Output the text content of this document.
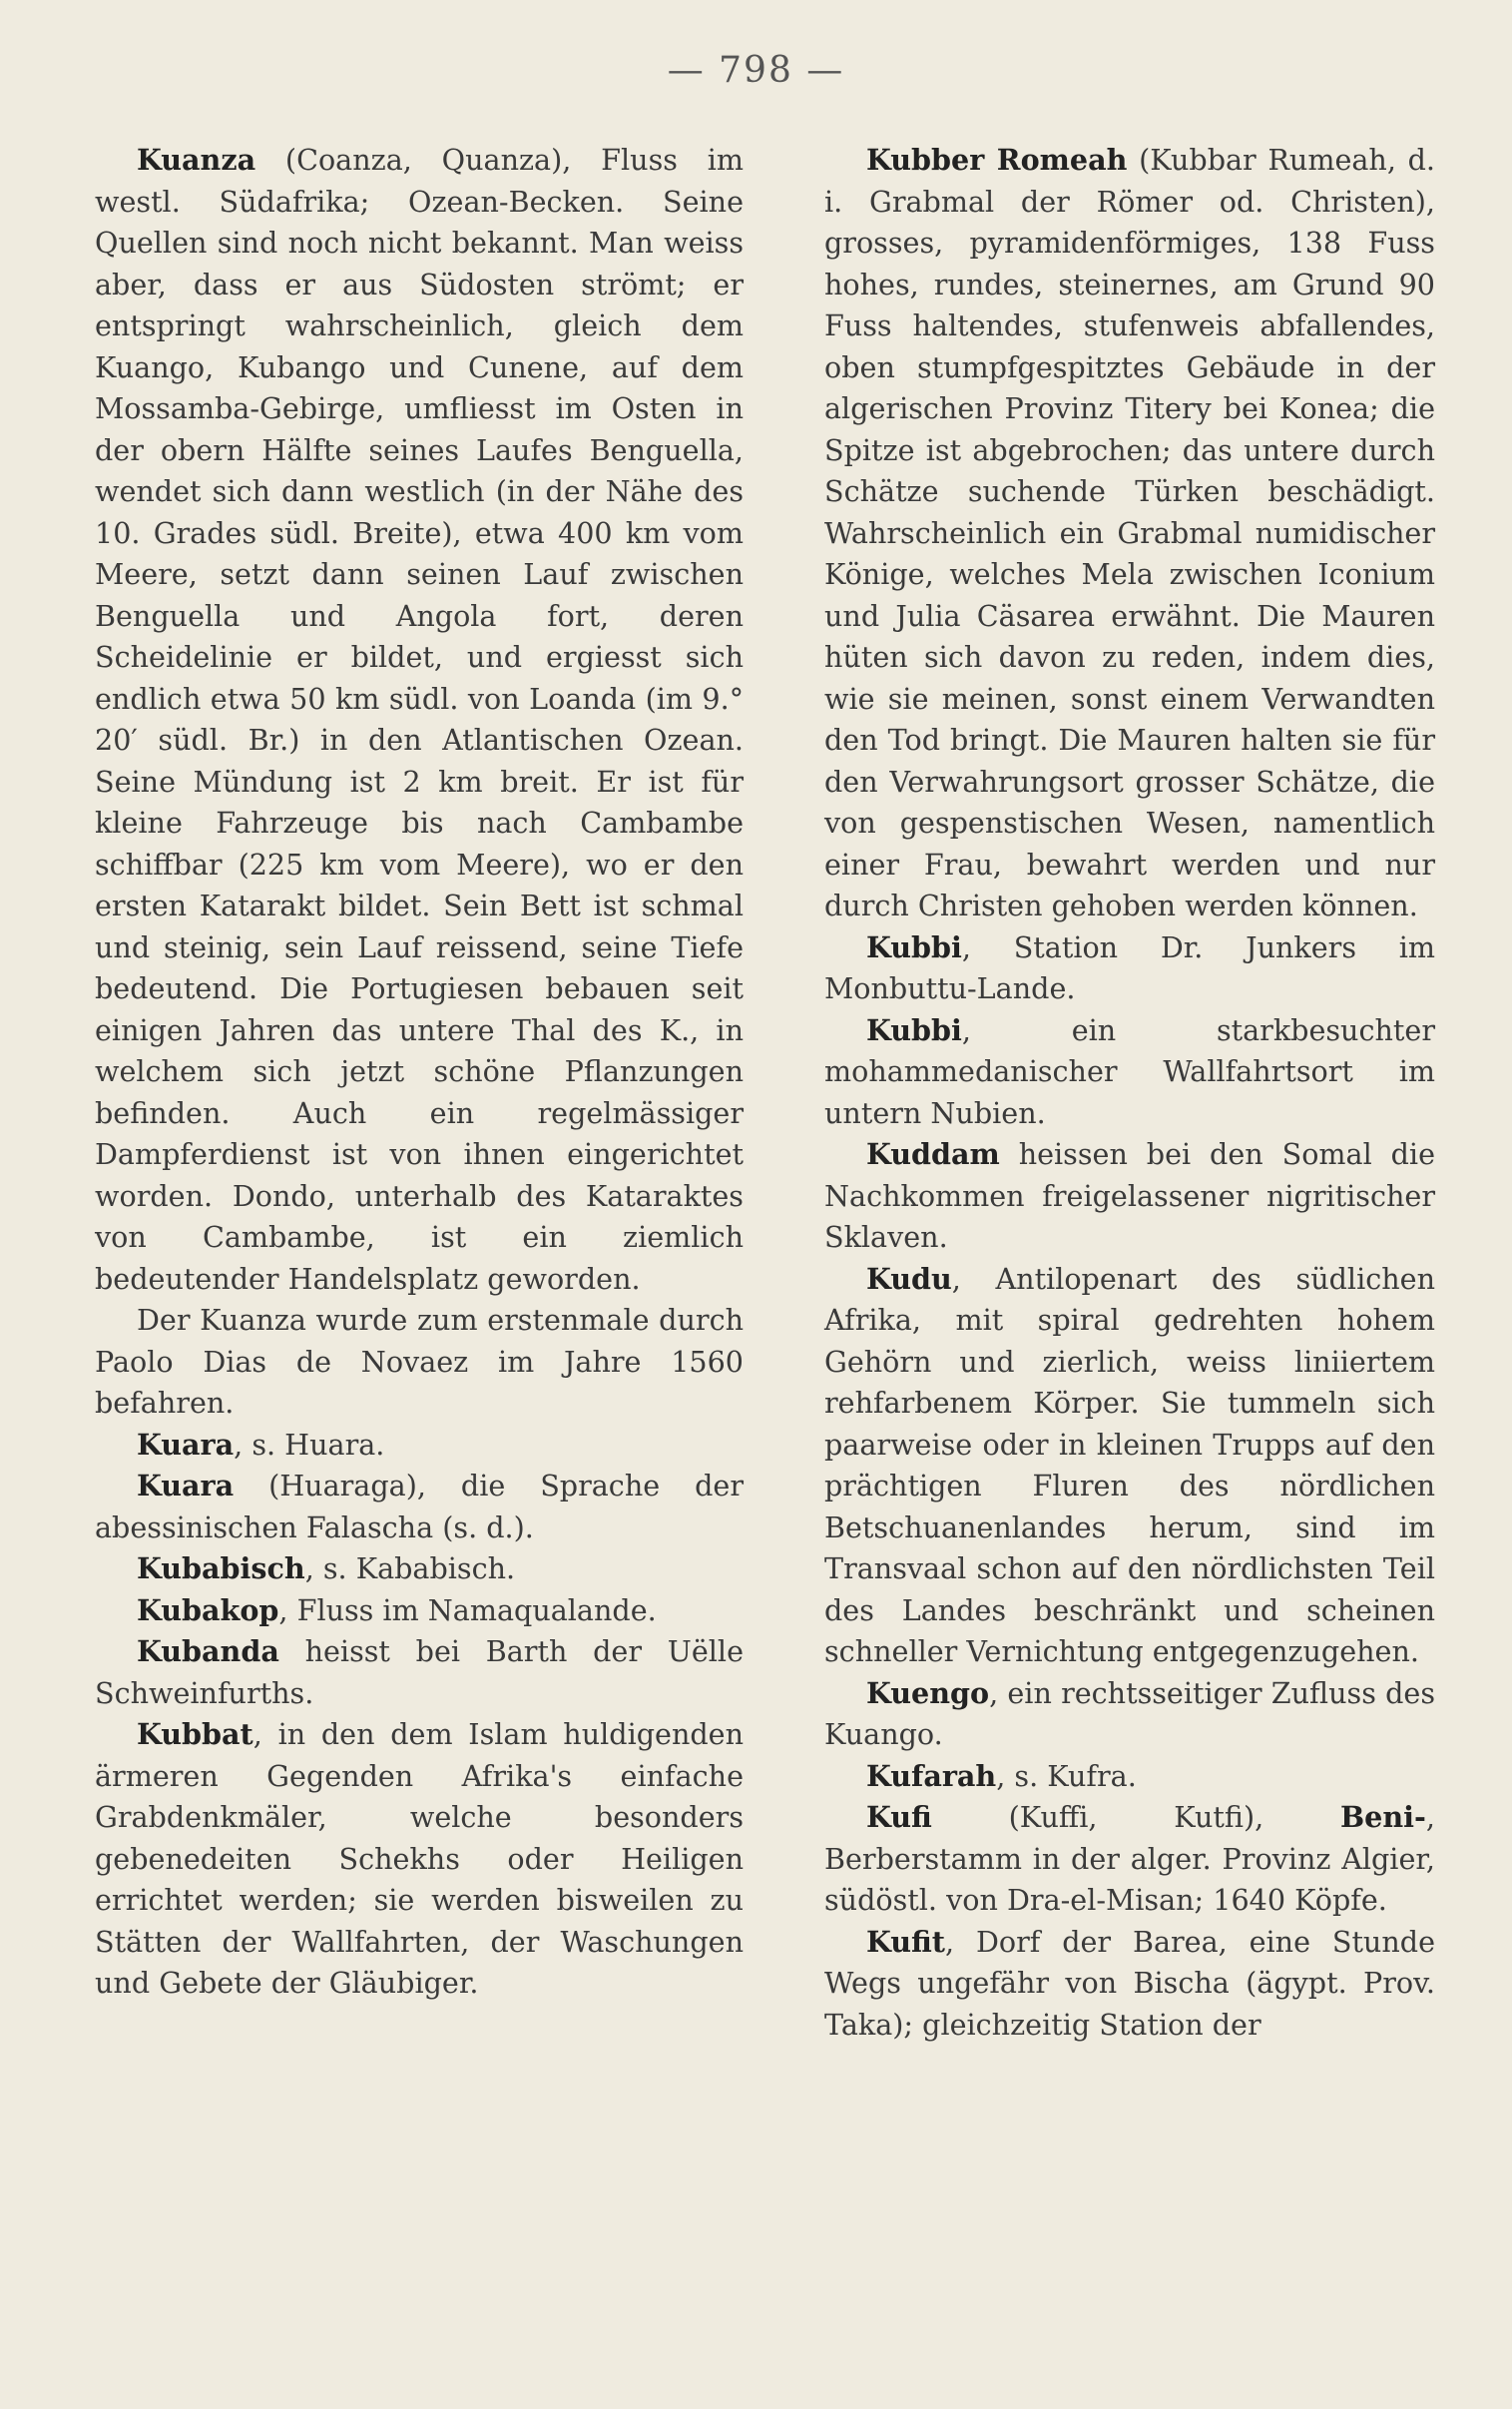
— 798 —

Kuanza (Coanza, Quanza), Fluss im westl. Südafrika; Ozean-Becken. Seine Quellen sind noch nicht bekannt. Man weiss aber, dass er aus Südosten strömt; er entspringt wahrscheinlich, gleich dem Kuango, Kubango und Cunene, auf dem Mossamba-Gebirge, umfliesst im Osten in der obern Hälfte seines Laufes Benguella, wendet sich dann westlich (in der Nähe des 10. Grades südl. Breite), etwa 400 km vom Meere, setzt dann seinen Lauf zwischen Benguella und Angola fort, deren Scheidelinie er bildet, und ergiesst sich endlich etwa 50 km südl. von Loanda (im 9.° 20′ südl. Br.) in den Atlantischen Ozean. Seine Mündung ist 2 km breit. Er ist für kleine Fahrzeuge bis nach Cambambe schiffbar (225 km vom Meere), wo er den ersten Katarakt bildet. Sein Bett ist schmal und steinig, sein Lauf reissend, seine Tiefe bedeutend. Die Portugiesen bebauen seit einigen Jahren das untere Thal des K., in welchem sich jetzt schöne Pflanzungen befinden. Auch ein regelmässiger Dampferdienst ist von ihnen eingerichtet worden. Dondo, unterhalb des Kataraktes von Cambambe, ist ein ziemlich bedeutender Handelsplatz geworden.

Der Kuanza wurde zum erstenmale durch Paolo Dias de Novaez im Jahre 1560 befahren.

Kuara, s. Huara.

Kuara (Huaraga), die Sprache der abessinischen Falascha (s. d.).

Kubabisch, s. Kababisch.

Kubakop, Fluss im Namaqualande.

Kubanda heisst bei Barth der Uëlle Schweinfurths.

Kubbat, in den dem Islam huldigenden ärmeren Gegenden Afrika's einfache Grabdenkmäler, welche besonders gebenedeiten Schekhs oder Heiligen errichtet werden; sie werden bisweilen zu Stätten der Wallfahrten, der Waschungen und Gebete der Gläubiger.

Kubber Romeah (Kubbar Rumeah, d. i. Grabmal der Römer od. Christen), grosses, pyramidenförmiges, 138 Fuss hohes, rundes, steinernes, am Grund 90 Fuss haltendes, stufenweis abfallendes, oben stumpfgespitztes Gebäude in der algerischen Provinz Titery bei Konea; die Spitze ist abgebrochen; das untere durch Schätze suchende Türken beschädigt. Wahrscheinlich ein Grabmal numidischer Könige, welches Mela zwischen Iconium und Julia Cäsarea erwähnt. Die Mauren hüten sich davon zu reden, indem dies, wie sie meinen, sonst einem Verwandten den Tod bringt. Die Mauren halten sie für den Verwahrungsort grosser Schätze, die von gespenstischen Wesen, namentlich einer Frau, bewahrt werden und nur durch Christen gehoben werden können.

Kubbi, Station Dr. Junkers im Monbuttu-Lande.

Kubbi, ein starkbesuchter mohammedanischer Wallfahrtsort im untern Nubien.

Kuddam heissen bei den Somal die Nachkommen freigelassener nigritischer Sklaven.

Kudu, Antilopenart des südlichen Afrika, mit spiral gedrehten hohem Gehörn und zierlich, weiss liniiertem rehfarbenem Körper. Sie tummeln sich paarweise oder in kleinen Trupps auf den prächtigen Fluren des nördlichen Betschuanenlandes herum, sind im Transvaal schon auf den nördlichsten Teil des Landes beschränkt und scheinen schneller Vernichtung entgegenzugehen.

Kuengo, ein rechtsseitiger Zufluss des Kuango.

Kufarah, s. Kufra.

Kufi (Kuffi, Kutfi), Beni-, Berberstamm in der alger. Provinz Algier, südöstl. von Dra-el-Misan; 1640 Köpfe.

Kufit, Dorf der Barea, eine Stunde Wegs ungefähr von Bischa (ägypt. Prov. Taka); gleichzeitig Station der
